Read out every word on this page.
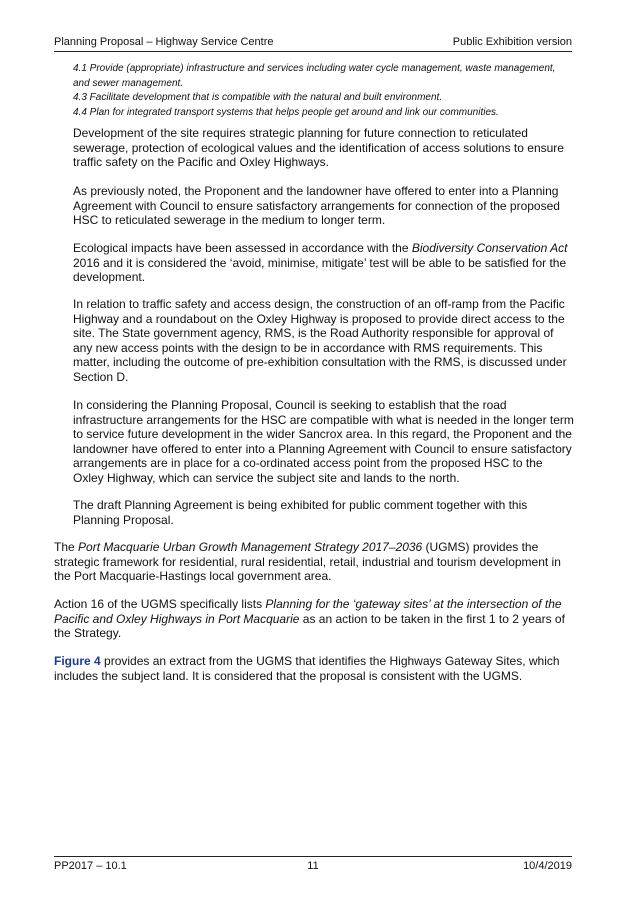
Planning Proposal – Highway Service Centre	Public Exhibition version

4.1 Provide (appropriate) infrastructure and services including water cycle management, waste management, and sewer management.

4.3 Facilitate development that is compatible with the natural and built environment.

4.4 Plan for integrated transport systems that helps people get around and link our communities.

Development of the site requires strategic planning for future connection to reticulated sewerage, protection of ecological values and the identification of access solutions to ensure traffic safety on the Pacific and Oxley Highways.

As previously noted, the Proponent and the landowner have offered to enter into a Planning Agreement with Council to ensure satisfactory arrangements for connection of the proposed HSC to reticulated sewerage in the medium to longer term.

Ecological impacts have been assessed in accordance with the Biodiversity Conservation Act 2016 and it is considered the ‘avoid, minimise, mitigate’ test will be able to be satisfied for the development.

In relation to traffic safety and access design, the construction of an off-ramp from the Pacific Highway and a roundabout on the Oxley Highway is proposed to provide direct access to the site. The State government agency, RMS, is the Road Authority responsible for approval of any new access points with the design to be in accordance with RMS requirements. This matter, including the outcome of pre-exhibition consultation with the RMS, is discussed under Section D.

In considering the Planning Proposal, Council is seeking to establish that the road infrastructure arrangements for the HSC are compatible with what is needed in the longer term to service future development in the wider Sancrox area. In this regard, the Proponent and the landowner have offered to enter into a Planning Agreement with Council to ensure satisfactory arrangements are in place for a co-ordinated access point from the proposed HSC to the Oxley Highway, which can service the subject site and lands to the north.

The draft Planning Agreement is being exhibited for public comment together with this Planning Proposal.

The Port Macquarie Urban Growth Management Strategy 2017–2036 (UGMS) provides the strategic framework for residential, rural residential, retail, industrial and tourism development in the Port Macquarie-Hastings local government area.

Action 16 of the UGMS specifically lists Planning for the ‘gateway sites’ at the intersection of the Pacific and Oxley Highways in Port Macquarie as an action to be taken in the first 1 to 2 years of the Strategy.

Figure 4 provides an extract from the UGMS that identifies the Highways Gateway Sites, which includes the subject land. It is considered that the proposal is consistent with the UGMS.

PP2017 – 10.1	11	10/4/2019
